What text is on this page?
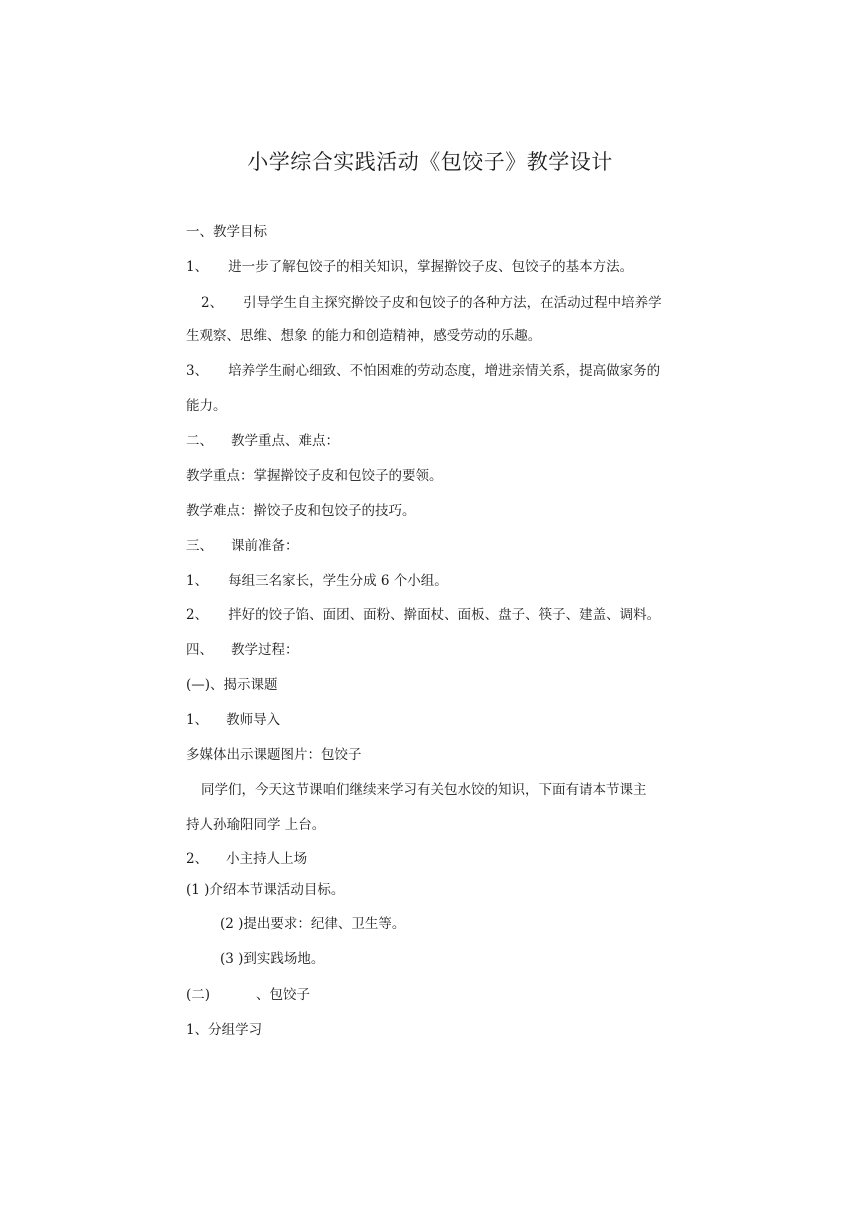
小学综合实践活动《包饺子》教学设计
一、教学目标
1、 进一步了解包饺子的相关知识，掌握擀饺子皮、包饺子的基本方法。
2、 引导学生自主探究擀饺子皮和包饺子的各种方法，在活动过程中培养学
生观察、思维、想象 的能力和创造精神，感受劳动的乐趣。
3、 培养学生耐心细致、不怕困难的劳动态度，增进亲情关系，提高做家务的
能力。
二、 教学重点、难点：
教学重点：掌握擀饺子皮和包饺子的要领。
教学难点：擀饺子皮和包饺子的技巧。
三、 课前准备：
1、 每组三名家长，学生分成 6 个小组。
2、 拌好的饺子馅、面团、面粉、擀面杖、面板、盘子、筷子、建盖、调料。
四、 教学过程：
(—)、揭示课题
1、 教师导入
多媒体出示课题图片：包饺子
同学们，今天这节课咱们继续来学习有关包水饺的知识，下面有请本节课主
持人孙瑜阳同学 上台。
2、 小主持人上场
(1 )介绍本节课活动目标。
(2 )提出要求：纪律、卫生等。
(3 )到实践场地。
(二)	、包饺子
1、分组学习
